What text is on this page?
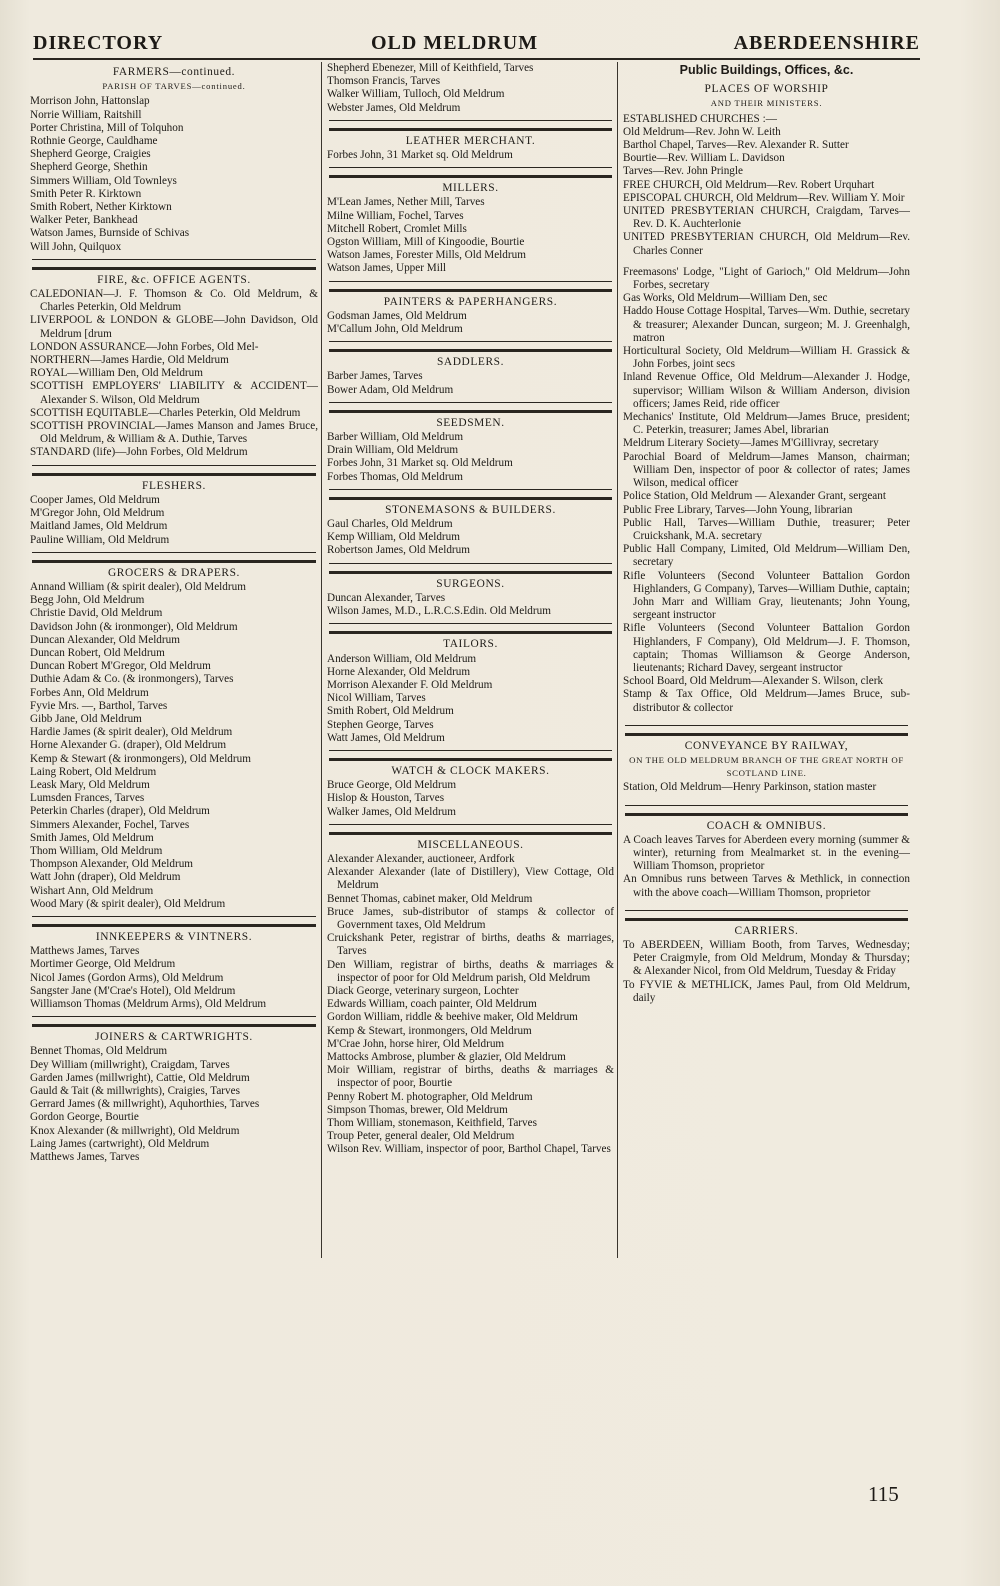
DIRECTORY	OLD MELDRUM	ABERDEENSHIRE
FARMERS—continued.
PARISH OF TARVES—continued.
Morrison John, Hattonslap
Norrie William, Raitshill
Porter Christina, Mill of Tolquhon
Rothnie George, Cauldhame
Shepherd George, Craigies
Shepherd George, Shethin
Simmers William, Old Townleys
Smith Peter R. Kirktown
Smith Robert, Nether Kirktown
Walker Peter, Bankhead
Watson James, Burnside of Schivas
Will John, Quilquox
FIRE, &c. OFFICE AGENTS.
CALEDONIAN—J. F. Thomson & Co. Old Meldrum, & Charles Peterkin, Old Meldrum
LIVERPOOL & LONDON & GLOBE—John Davidson, Old Meldrum [drum
LONDON ASSURANCE—John Forbes, Old Mel-
NORTHERN—James Hardie, Old Meldrum
ROYAL—William Den, Old Meldrum
SCOTTISH EMPLOYERS' LIABILITY & ACCIDENT—Alexander S. Wilson, Old Meldrum
SCOTTISH EQUITABLE—Charles Peterkin, Old Meldrum
SCOTTISH PROVINCIAL—James Manson and James Bruce, Old Meldrum, & William & A. Duthie, Tarves
STANDARD (life)—John Forbes, Old Meldrum
FLESHERS.
Cooper James, Old Meldrum
M'Gregor John, Old Meldrum
Maitland James, Old Meldrum
Pauline William, Old Meldrum
GROCERS & DRAPERS.
Annand William (& spirit dealer), Old Meldrum
Begg John, Old Meldrum
Christie David, Old Meldrum
Davidson John (& ironmonger), Old Meldrum
Duncan Alexander, Old Meldrum
Duncan Robert, Old Meldrum
Duncan Robert M'Gregor, Old Meldrum
Duthie Adam & Co. (& ironmongers), Tarves
Forbes Ann, Old Meldrum
Fyvie Mrs. —, Barthol, Tarves
Gibb Jane, Old Meldrum
Hardie James (& spirit dealer), Old Meldrum
Horne Alexander G. (draper), Old Meldrum
Kemp & Stewart (& ironmongers), Old Meldrum
Laing Robert, Old Meldrum
Leask Mary, Old Meldrum
Lumsden Frances, Tarves
Peterkin Charles (draper), Old Meldrum
Simmers Alexander, Fochel, Tarves
Smith James, Old Meldrum
Thom William, Old Meldrum
Thompson Alexander, Old Meldrum
Watt John (draper), Old Meldrum
Wishart Ann, Old Meldrum
Wood Mary (& spirit dealer), Old Meldrum
INNKEEPERS & VINTNERS.
Matthews James, Tarves
Mortimer George, Old Meldrum
Nicol James (Gordon Arms), Old Meldrum
Sangster Jane (M'Crae's Hotel), Old Meldrum
Williamson Thomas (Meldrum Arms), Old Meldrum
JOINERS & CARTWRIGHTS.
Bennet Thomas, Old Meldrum
Dey William (millwright), Craigdam, Tarves
Garden James (millwright), Cattie, Old Meldrum
Gauld & Tait (& millwrights), Craigies, Tarves
Gerrard James (& millwright), Aquhorthies, Tarves
Gordon George, Bourtie
Knox Alexander (& millwright), Old Meldrum
Laing James (cartwright), Old Meldrum
Matthews James, Tarves
Shepherd Ebenezer, Mill of Keithfield, Tarves
Thomson Francis, Tarves
Walker William, Tulloch, Old Meldrum
Webster James, Old Meldrum
LEATHER MERCHANT.
Forbes John, 31 Market sq. Old Meldrum
MILLERS.
M'Lean James, Nether Mill, Tarves
Milne William, Fochel, Tarves
Mitchell Robert, Cromlet Mills
Ogston William, Mill of Kingoodie, Bourtie
Watson James, Forester Mills, Old Meldrum
Watson James, Upper Mill
PAINTERS & PAPERHANGERS.
Godsman James, Old Meldrum
M'Callum John, Old Meldrum
SADDLERS.
Barber James, Tarves
Bower Adam, Old Meldrum
SEEDSMEN.
Barber William, Old Meldrum
Drain William, Old Meldrum
Forbes John, 31 Market sq. Old Meldrum
Forbes Thomas, Old Meldrum
STONEMASONS & BUILDERS.
Gaul Charles, Old Meldrum
Kemp William, Old Meldrum
Robertson James, Old Meldrum
SURGEONS.
Duncan Alexander, Tarves
Wilson James, M.D., L.R.C.S.Edin. Old Meldrum
TAILORS.
Anderson William, Old Meldrum
Horne Alexander, Old Meldrum
Morrison Alexander F. Old Meldrum
Nicol William, Tarves
Smith Robert, Old Meldrum
Stephen George, Tarves
Watt James, Old Meldrum
WATCH & CLOCK MAKERS.
Bruce George, Old Meldrum
Hislop & Houston, Tarves
Walker James, Old Meldrum
MISCELLANEOUS.
Alexander Alexander, auctioneer, Ardfork
Alexander Alexander (late of Distillery), View Cottage, Old Meldrum
Bennet Thomas, cabinet maker, Old Meldrum
Bruce James, sub-distributor of stamps & collector of Government taxes, Old Meldrum
Cruickshank Peter, registrar of births, deaths & marriages, Tarves
Den William, registrar of births, deaths & marriages & inspector of poor for Old Meldrum parish, Old Meldrum
Diack George, veterinary surgeon, Lochter
Edwards William, coach painter, Old Meldrum
Gordon William, riddle & beehive maker, Old Meldrum
Kemp & Stewart, ironmongers, Old Meldrum
M'Crae John, horse hirer, Old Meldrum
Mattocks Ambrose, plumber & glazier, Old Meldrum
Moir William, registrar of births, deaths & marriages & inspector of poor, Bourtie
Penny Robert M. photographer, Old Meldrum
Simpson Thomas, brewer, Old Meldrum
Thom William, stonemason, Keithfield, Tarves
Troup Peter, general dealer, Old Meldrum
Wilson Rev. William, inspector of poor, Barthol Chapel, Tarves
Public Buildings, Offices, &c.
PLACES OF WORSHIP
AND THEIR MINISTERS.
ESTABLISHED CHURCHES :—
Old Meldrum—Rev. John W. Leith
Barthol Chapel, Tarves—Rev. Alexander R. Sutter
Bourtie—Rev. William L. Davidson
Tarves—Rev. John Pringle
FREE CHURCH, Old Meldrum—Rev. Robert Urquhart
EPISCOPAL CHURCH, Old Meldrum—Rev. William Y. Moir
UNITED PRESBYTERIAN CHURCH, Craigdam, Tarves—Rev. D. K. Auchterlonie
UNITED PRESBYTERIAN CHURCH, Old Meldrum—Rev. Charles Conner
Freemasons' Lodge, "Light of Garioch," Old Meldrum—John Forbes, secretary
Gas Works, Old Meldrum—William Den, sec
Haddo House Cottage Hospital, Tarves—Wm. Duthie, secretary & treasurer; Alexander Duncan, surgeon; M. J. Greenhalgh, matron
Horticultural Society, Old Meldrum—William H. Grassick & John Forbes, joint secs
Inland Revenue Office, Old Meldrum—Alexander J. Hodge, supervisor; William Wilson & William Anderson, division officers; James Reid, ride officer
Mechanics' Institute, Old Meldrum—James Bruce, president; C. Peterkin, treasurer; James Abel, librarian
Meldrum Literary Society—James M'Gillivray, secretary
Parochial Board of Meldrum—James Manson, chairman; William Den, inspector of poor & collector of rates; James Wilson, medical officer
Police Station, Old Meldrum — Alexander Grant, sergeant
Public Free Library, Tarves—John Young, librarian
Public Hall, Tarves—William Duthie, treasurer; Peter Cruickshank, M.A. secretary
Public Hall Company, Limited, Old Meldrum—William Den, secretary
Rifle Volunteers (Second Volunteer Battalion Gordon Highlanders, G Company), Tarves—William Duthie, captain; John Marr and William Gray, lieutenants; John Young, sergeant instructor
Rifle Volunteers (Second Volunteer Battalion Gordon Highlanders, F Company), Old Meldrum—J. F. Thomson, captain; Thomas Williamson & George Anderson, lieutenants; Richard Davey, sergeant instructor
School Board, Old Meldrum—Alexander S. Wilson, clerk
Stamp & Tax Office, Old Meldrum—James Bruce, sub-distributor & collector
CONVEYANCE BY RAILWAY,
ON THE OLD MELDRUM BRANCH OF THE GREAT NORTH OF SCOTLAND LINE.
Station, Old Meldrum—Henry Parkinson, station master
COACH & OMNIBUS.
A Coach leaves Tarves for Aberdeen every morning (summer & winter), returning from Mealmarket st. in the evening—William Thomson, proprietor
An Omnibus runs between Tarves & Methlick, in connection with the above coach—William Thomson, proprietor
CARRIERS.
To ABERDEEN, William Booth, from Tarves, Wednesday; Peter Craigmyle, from Old Meldrum, Monday & Thursday; & Alexander Nicol, from Old Meldrum, Tuesday & Friday
To FYVIE & METHLICK, James Paul, from Old Meldrum, daily
115
